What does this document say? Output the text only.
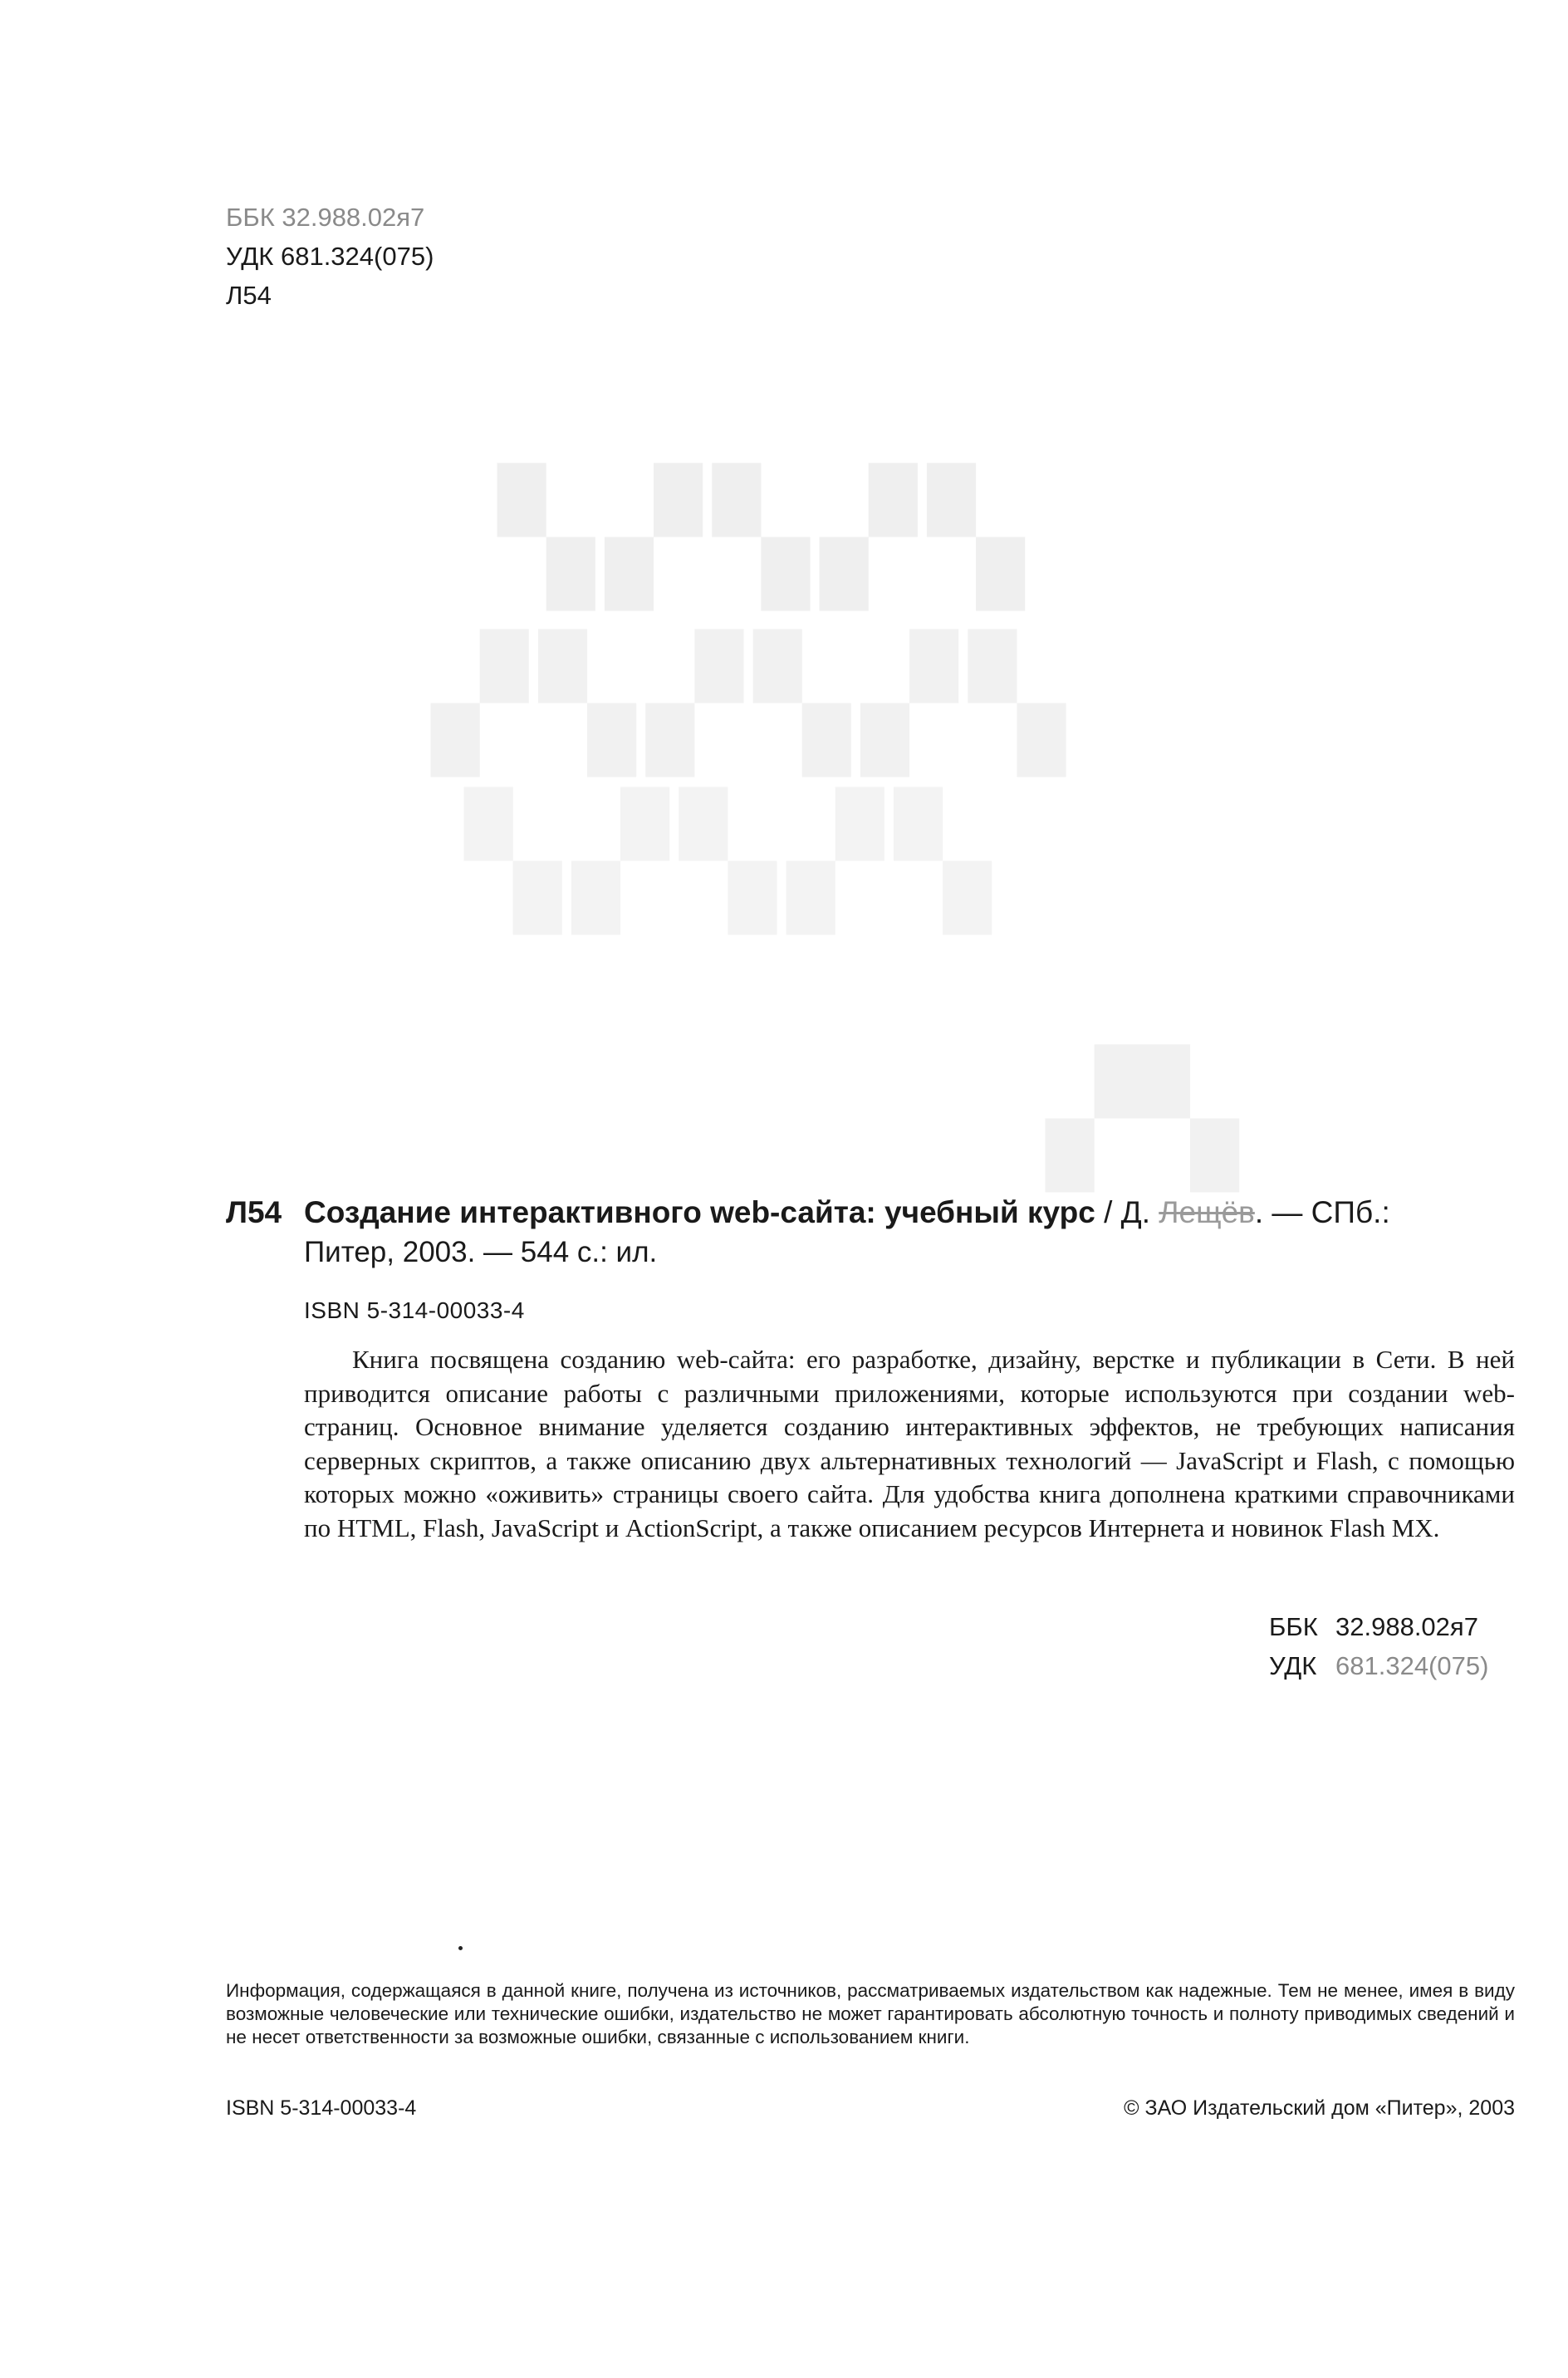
ББК 32.988.02я7
УДК 681.324(075)
Л54
▚▞▚▞▚
▞▚▞▚▞▚
▚▞▚▞▚
▞▚
Л54 Создание интерактивного web-сайта: учебный курс / Д. Лещёв. — СПб.:
Питер, 2003. — 544 с.: ил.
ISBN 5-314-00033-4

Книга посвящена созданию web-сайта: его разработке, дизайну, верстке и публикации в Сети. В ней приводится описание работы с различными приложениями, которые используются при создании web-страниц. Основное внимание уделяется созданию интерактивных эффектов, не требующих написания серверных скриптов, а также описанию двух альтернативных технологий — JavaScript и Flash, с помощью которых можно «оживить» страницы своего сайта. Для удобства книга дополнена краткими справочниками по HTML, Flash, JavaScript и ActionScript, а также описанием ресурсов Интернета и новинок Flash MX.

ББК 32.988.02я7
УДК 681.324(075)

Информация, содержащаяся в данной книге, получена из источников, рассматриваемых издательством как надежные. Тем не менее, имея в виду возможные человеческие или технические ошибки, издательство не может гарантировать абсолютную точность и полноту приводимых сведений и не несет ответственности за возможные ошибки, связанные с использованием книги.

ISBN 5-314-00033-4	© ЗАО Издательский дом «Питер», 2003
